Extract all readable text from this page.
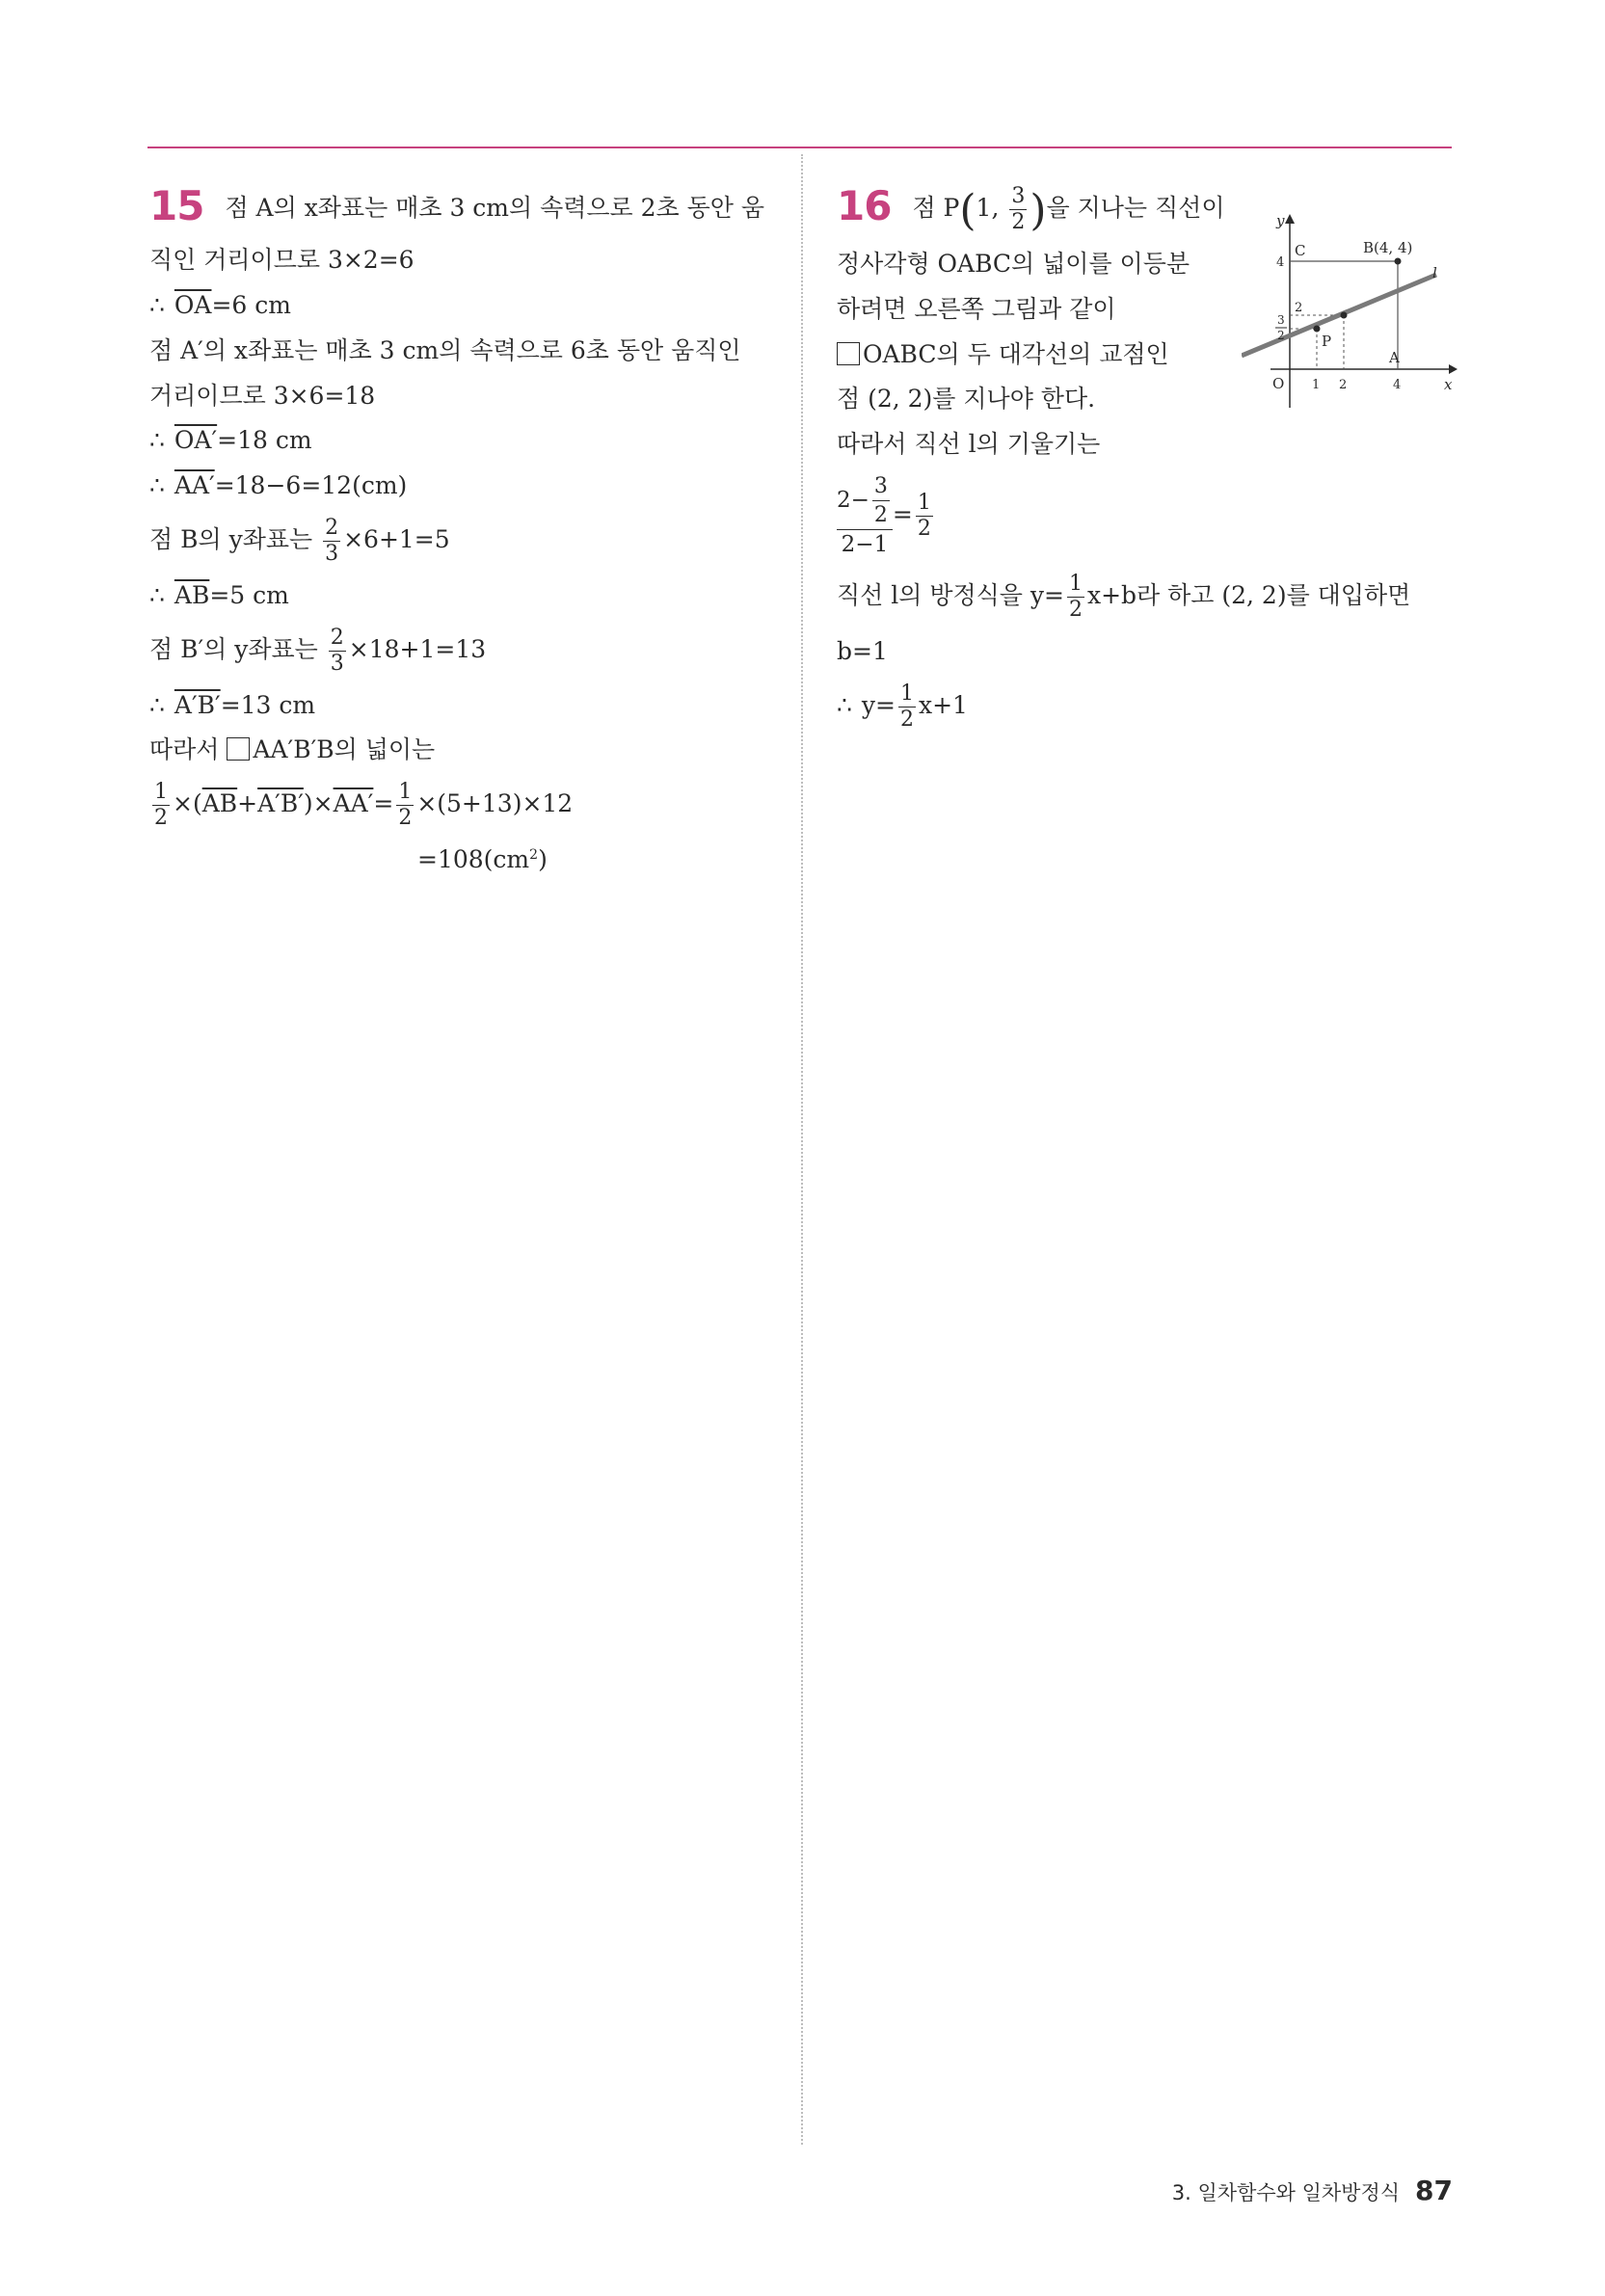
15 점 A의 x좌표는 매초 3 cm의 속력으로 2초 동안 움
직인 거리이므로 3×2=6
∴ $\overline{OA}=6$ cm
점 A′의 x좌표는 매초 3 cm의 속력으로 6초 동안 움직인
거리이므로 3×6=18
∴ OA′=18 cm
∴ AA′=18−6=12(cm)
점 B의 y좌표는 $\frac{2}{3} \times 6+1=5$
∴ $\overline{AB}=5$ cm
점 B′의 y좌표는 $\frac{2}{3} \times 18+1=13$
∴ A′B′=13 cm
따라서 AA′B′B의 넓이는
$\frac{1}{2} \times(\overline{AB}+A'B')\times AA'= \frac{1}{2} \times(5+13)\times 12$
$=108(cm^2)$
16 점 P(1, $\frac{3}{2}$ )을 지나는 직선이
정사각형 OABC의 넓이를 이등분
하려면 오른쪽 그림과 같이
OABC의 두 대각선의 교점인
점 (2, 2)를 지나야 한다.
따라서 직선 l의 기울기는
$\frac{2- \frac{3}{2}}{2-1} = \frac{1}{2}$
직선 l의 방정식을 $y= \frac{1}{2} x+b$라 하고 (2, 2)를 대입하면
b=1
∴ $y= \frac{1}{2} x+1$
y
x
O
C	B(4, 4)
l
A
P
4
2
3
2
1 2	4
3. 일차함수와 일차방정식 87
